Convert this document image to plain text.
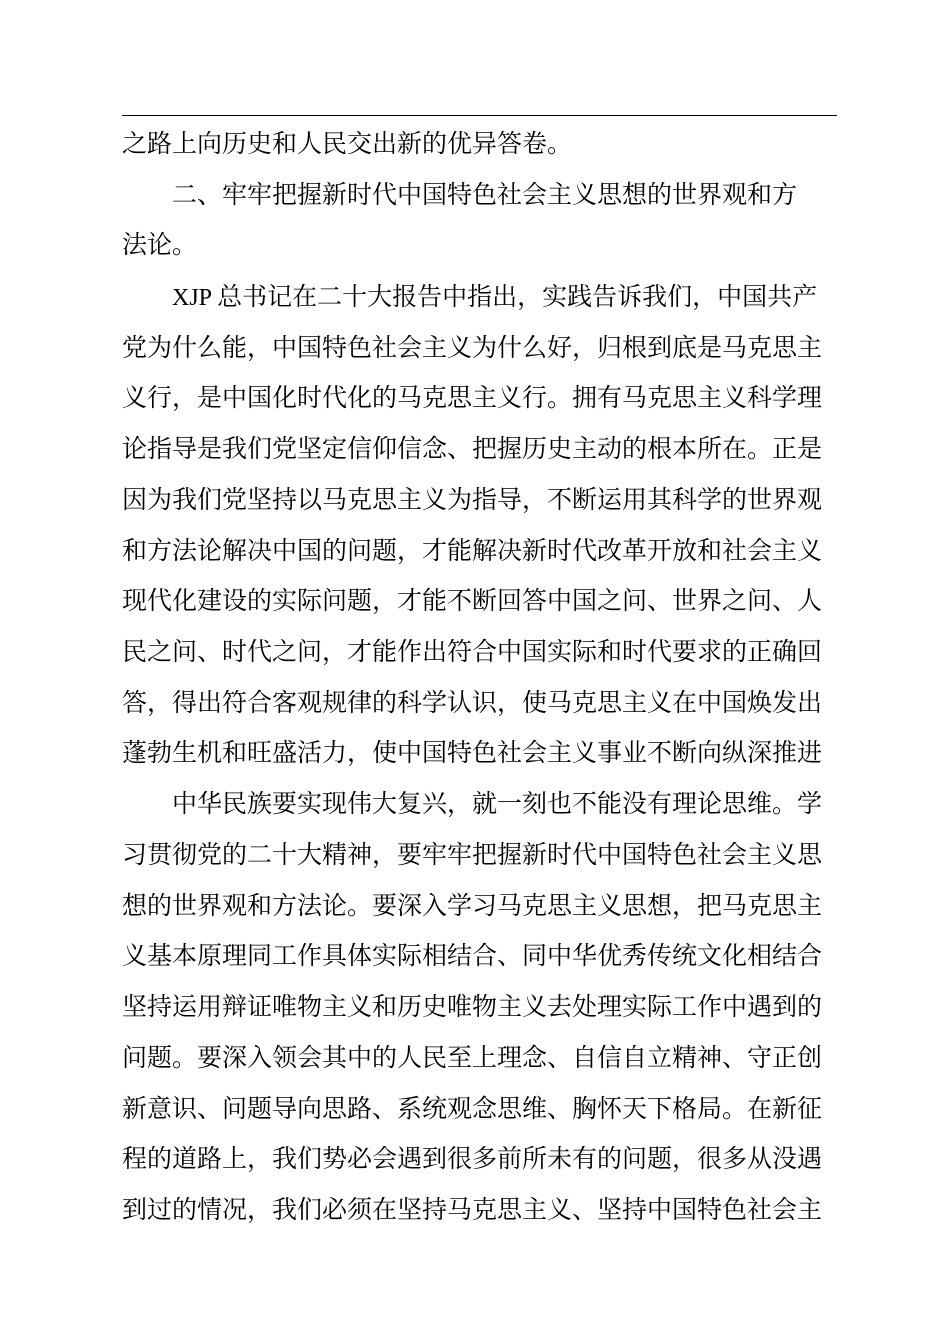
之路上向历史和人民交出新的优异答卷。
二、牢牢把握新时代中国特色社会主义思想的世界观和方
法论。
XJP 总书记在二十大报告中指出，实践告诉我们，中国共产
党为什么能，中国特色社会主义为什么好，归根到底是马克思主
义行，是中国化时代化的马克思主义行。拥有马克思主义科学理
论指导是我们党坚定信仰信念、把握历史主动的根本所在。正是
因为我们党坚持以马克思主义为指导，不断运用其科学的世界观
和方法论解决中国的问题，才能解决新时代改革开放和社会主义
现代化建设的实际问题，才能不断回答中国之问、世界之问、人
民之问、时代之问，才能作出符合中国实际和时代要求的正确回
答，得出符合客观规律的科学认识，使马克思主义在中国焕发出
蓬勃生机和旺盛活力，使中国特色社会主义事业不断向纵深推进
中华民族要实现伟大复兴，就一刻也不能没有理论思维。学
习贯彻党的二十大精神，要牢牢把握新时代中国特色社会主义思
想的世界观和方法论。要深入学习马克思主义思想，把马克思主
义基本原理同工作具体实际相结合、同中华优秀传统文化相结合
坚持运用辩证唯物主义和历史唯物主义去处理实际工作中遇到的
问题。要深入领会其中的人民至上理念、自信自立精神、守正创
新意识、问题导向思路、系统观念思维、胸怀天下格局。在新征
程的道路上，我们势必会遇到很多前所未有的问题，很多从没遇
到过的情况，我们必须在坚持马克思主义、坚持中国特色社会主
